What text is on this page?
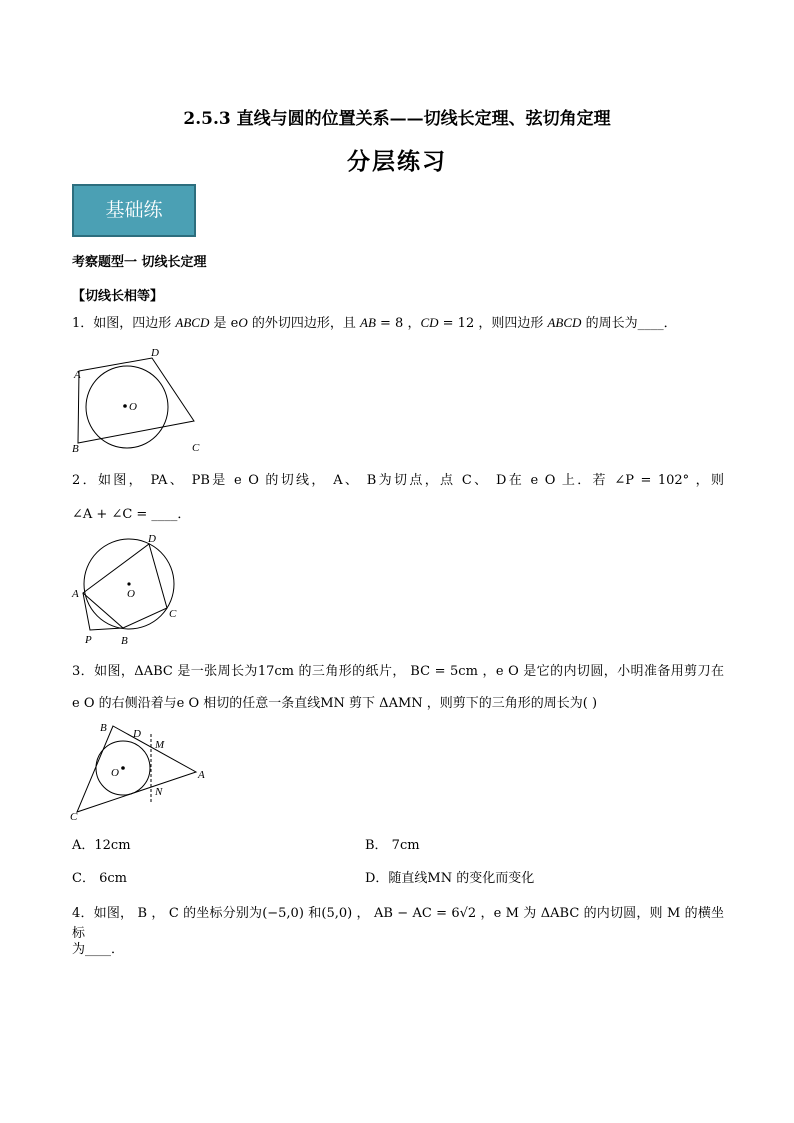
2.5.3 直线与圆的位置关系——切线长定理、弦切角定理
分层练习
基础练
考察题型一 切线长定理
【切线长相等】
1．如图，四边形 ABCD 是 eO 的外切四边形，且 AB = 8 ，CD = 12 ，则四边形 ABCD 的周长为____．
A
D
O
B	C
2．如图， PA、 PB是 e O 的切线， A、 B为切点，点 C、 D在 e O 上．若 ∠P = 102° ，则
∠A + ∠C = ____．
D
O
A
C
P	B
3．如图，ΔABC 是一张周长为17cm 的三角形的纸片， BC = 5cm ，e O 是它的内切圆，小明准备用剪刀在
e O 的右侧沿着与e O 相切的任意一条直线MN 剪下 ΔAMN ，则剪下的三角形的周长为( )
B D
M
O	A
N
C
A．12cm	B． 7cm
C． 6cm	D．随直线MN 的变化而变化
4．如图， B ， C 的坐标分别为(−5,0) 和(5,0) ， AB − AC = 6√2 ，e M 为 ΔABC 的内切圆，则 M 的横坐标
为____．
